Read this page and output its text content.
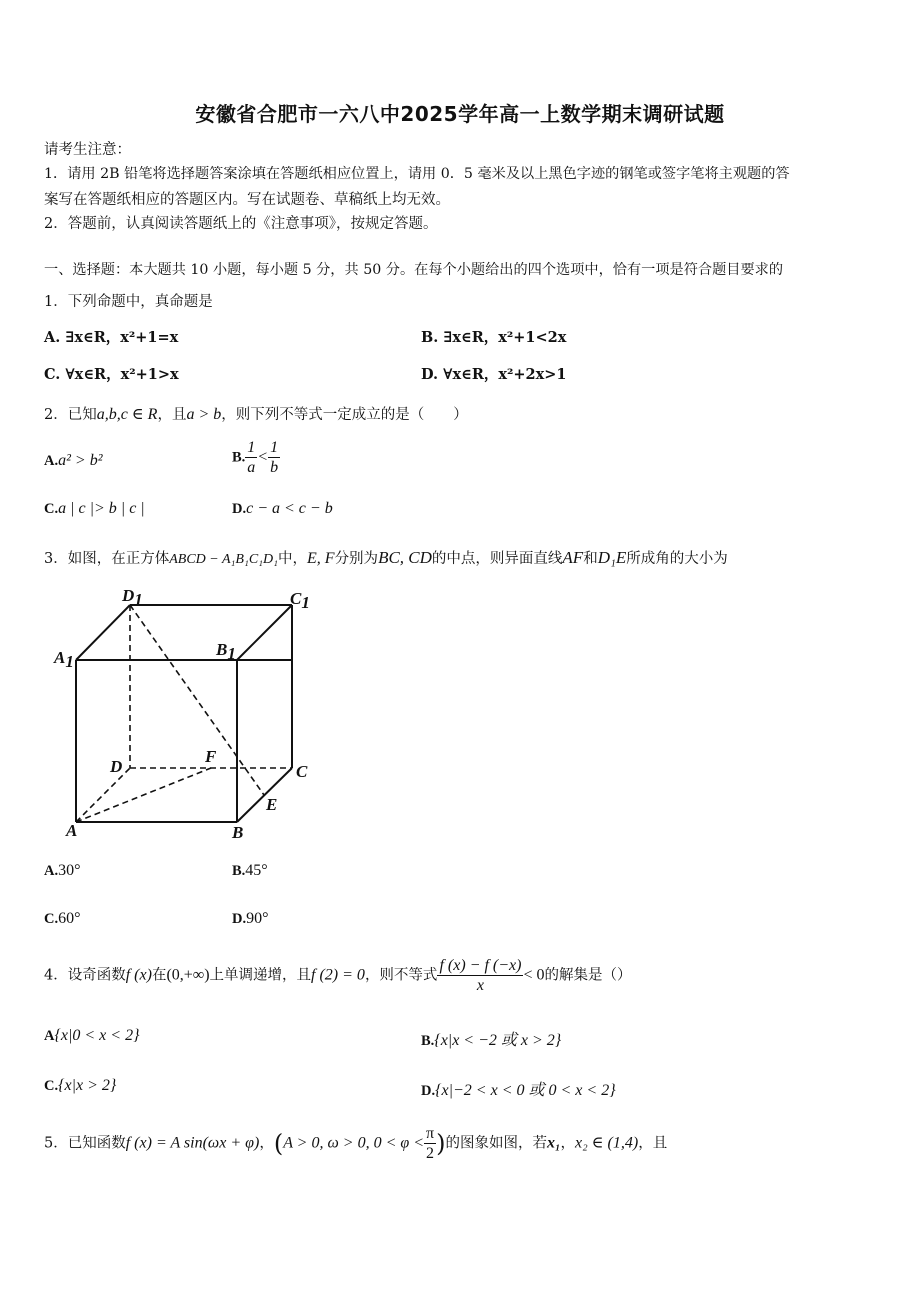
安徽省合肥市一六八中2025学年高一上数学期末调研试题
请考生注意：
1．请用 2B 铅笔将选择题答案涂填在答题纸相应位置上，请用 0．5 毫米及以上黑色字迹的钢笔或签字笔将主观题的答
案写在答题纸相应的答题区内。写在试题卷、草稿纸上均无效。
2．答题前，认真阅读答题纸上的《注意事项》，按规定答题。
一、选择题：本大题共 10 小题，每小题 5 分，共 50 分。在每个小题给出的四个选项中，恰有一项是符合题目要求的
1．下列命题中，真命题是
A. ∃x∈R，x²+1=x	B. ∃x∈R，x²+1<2x
C. ∀x∈R，x²+1>x	D. ∀x∈R，x²+2x>1
2．已知a,b,c ∈ R，且a > b，则下列不等式一定成立的是（　　）
A.a² > b²	B. $\frac{1}{a} < \frac{1}{b}$
C.a | c |> b | c |	D.c − a < c − b
3．如图，在正方体ABCD − A₁B₁C₁D₁中，E, F分别为BC, CD的中点，则异面直线AF和D₁E所成角的大小为
A1
B1
C1
D1
D
F
C
E
A	B
A.30°	B.45°
C.60°	D.90°
4．设奇函数f (x)在(0,+∞)上单调递增，且f (2) = 0，则不等式 $\frac{f (x) - f (-x)}{x} < 0$的解集是（）
A{x|0 < x < 2}	B.{x|x < −2 或 x > 2}
C.{x|x > 2}	D.{x|−2 < x < 0 或 0 < x < 2}
5．已知函数f (x) = A sin(ωx + φ)，(A > 0, ω > 0, $0 < \varphi < \frac{\pi}{2}$ )的图象如图，若x₁，x₂ ∈ (1,4)，且
